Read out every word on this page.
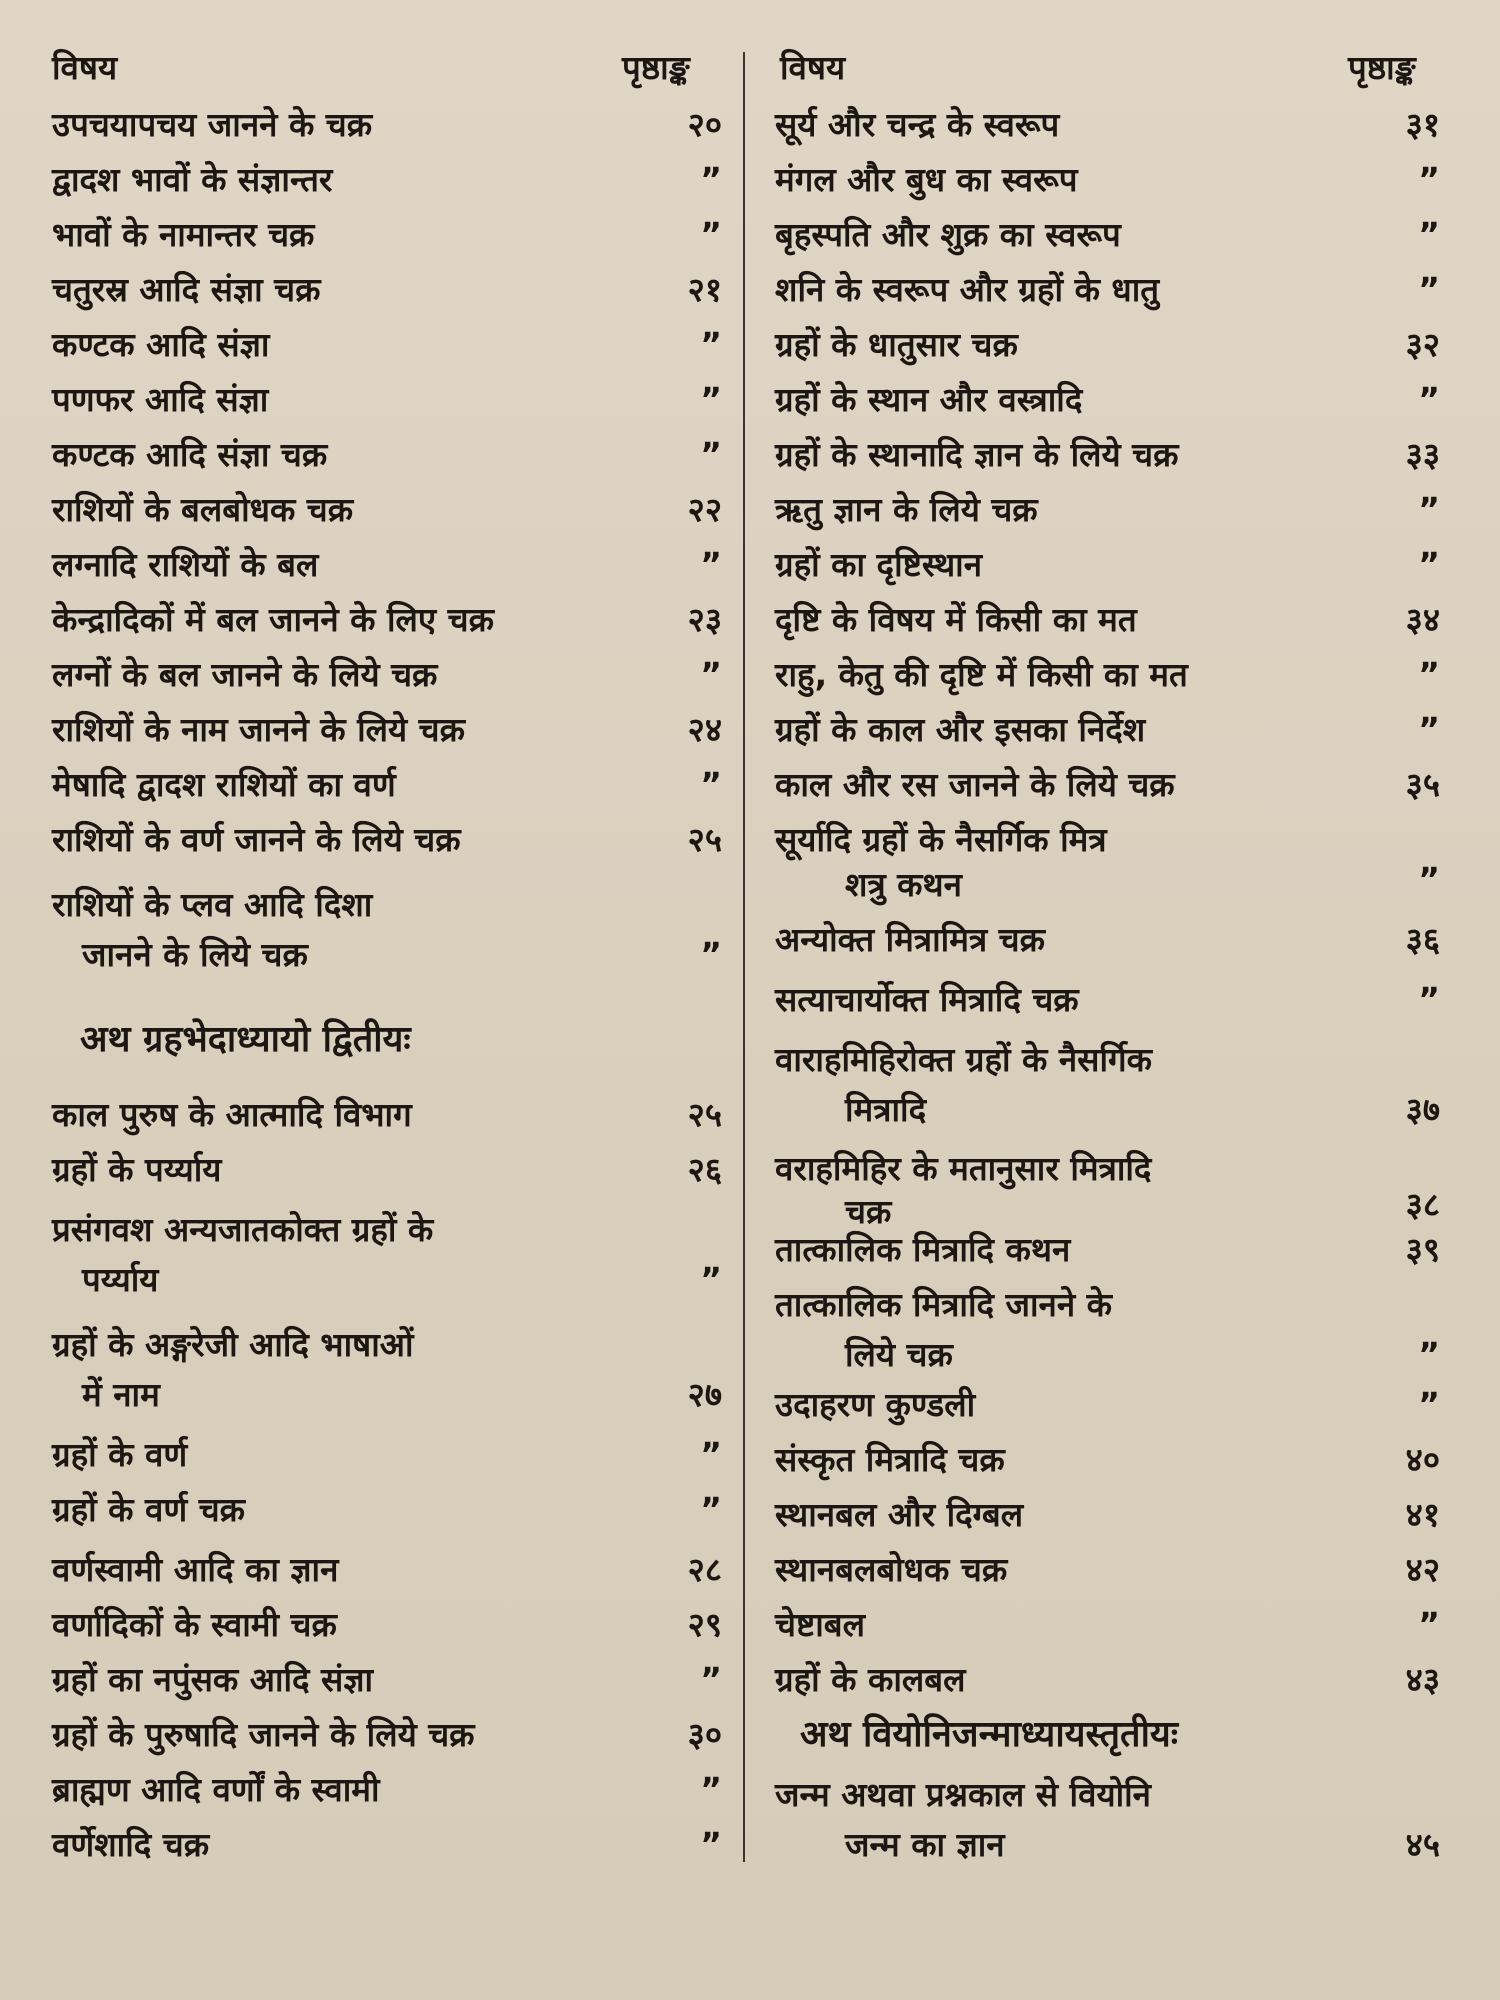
विषय	पृष्ठाङ्क	विषय	पृष्ठाङ्क
उपचयापचय जानने के चक्र	२०
द्वादश भावों के संज्ञान्तर	”
भावों के नामान्तर चक्र	”
चतुरस्र आदि संज्ञा चक्र	२१
कण्टक आदि संज्ञा	”
पणफर आदि संज्ञा	”
कण्टक आदि संज्ञा चक्र	”
राशियों के बलबोधक चक्र	२२
लग्नादि राशियों के बल	”
केन्द्रादिकों में बल जानने के लिए चक्र	२३
लग्नों के बल जानने के लिये चक्र	”
राशियों के नाम जानने के लिये चक्र	२४
मेषादि द्वादश राशियों का वर्ण	”
राशियों के वर्ण जानने के लिये चक्र	२५
राशियों के प्लव आदि दिशा
जानने के लिये चक्र	”
अथ ग्रहभेदाध्यायो द्वितीयः
काल पुरुष के आत्मादि विभाग	२५
ग्रहों के पर्य्याय	२६
प्रसंगवश अन्यजातकोक्त ग्रहों के
पर्य्याय	”
ग्रहों के अङ्गरेजी आदि भाषाओं
में नाम	२७
ग्रहों के वर्ण	”
ग्रहों के वर्ण चक्र	”
वर्णस्वामी आदि का ज्ञान	२८
वर्णादिकों के स्वामी चक्र	२९
ग्रहों का नपुंसक आदि संज्ञा	”
ग्रहों के पुरुषादि जानने के लिये चक्र	३०
ब्राह्मण आदि वर्णों के स्वामी	”
वर्णेशादि चक्र	”
सूर्य और चन्द्र के स्वरूप	३१
मंगल और बुध का स्वरूप	”
बृहस्पति और शुक्र का स्वरूप	”
शनि के स्वरूप और ग्रहों के धातु	”
ग्रहों के धातुसार चक्र	३२
ग्रहों के स्थान और वस्त्रादि	”
ग्रहों के स्थानादि ज्ञान के लिये चक्र	३३
ऋतु ज्ञान के लिये चक्र	”
ग्रहों का दृष्टिस्थान	”
दृष्टि के विषय में किसी का मत	३४
राहु, केतु की दृष्टि में किसी का मत	”
ग्रहों के काल और इसका निर्देश	”
काल और रस जानने के लिये चक्र	३५
सूर्यादि ग्रहों के नैसर्गिक मित्र
शत्रु कथन	”
अन्योक्त मित्रामित्र चक्र	३६
सत्याचार्योक्त मित्रादि चक्र	”
वाराहमिहिरोक्त ग्रहों के नैसर्गिक
मित्रादि	३७
वराहमिहिर के मतानुसार मित्रादि
चक्र	३८
तात्कालिक मित्रादि कथन	३९
तात्कालिक मित्रादि जानने के
लिये चक्र	”
उदाहरण कुण्डली	”
संस्कृत मित्रादि चक्र	४०
स्थानबल और दिग्बल	४१
स्थानबलबोधक चक्र	४२
चेष्टाबल	”
ग्रहों के कालबल	४३
अथ वियोनिजन्माध्यायस्तृतीयः
जन्म अथवा प्रश्नकाल से वियोनि
जन्म का ज्ञान	४५
